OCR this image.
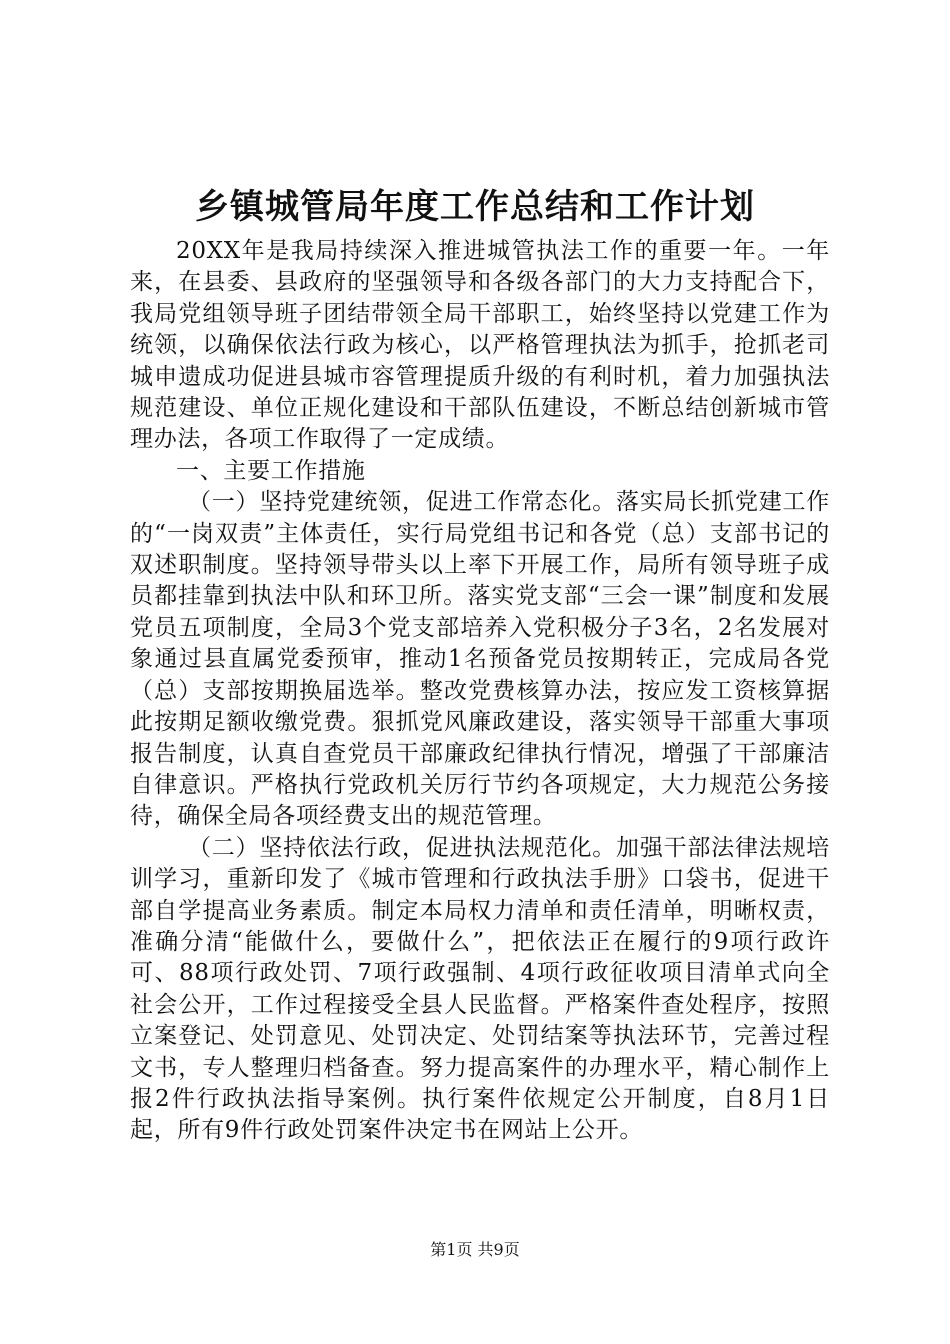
乡镇城管局年度工作总结和工作计划

20XX年是我局持续深入推进城管执法工作的重要一年。一年来，在县委、县政府的坚强领导和各级各部门的大力支持配合下，我局党组领导班子团结带领全局干部职工，始终坚持以党建工作为统领，以确保依法行政为核心，以严格管理执法为抓手，抢抓老司城申遗成功促进县城市容管理提质升级的有利时机，着力加强执法规范建设、单位正规化建设和干部队伍建设，不断总结创新城市管理办法，各项工作取得了一定成绩。

一、主要工作措施

（一）坚持党建统领，促进工作常态化。落实局长抓党建工作的“一岗双责”主体责任，实行局党组书记和各党（总）支部书记的双述职制度。坚持领导带头以上率下开展工作，局所有领导班子成员都挂靠到执法中队和环卫所。落实党支部“三会一课”制度和发展党员五项制度，全局3个党支部培养入党积极分子3名，2名发展对象通过县直属党委预审，推动1名预备党员按期转正，完成局各党（总）支部按期换届选举。整改党费核算办法，按应发工资核算据此按期足额收缴党费。狠抓党风廉政建设，落实领导干部重大事项报告制度，认真自查党员干部廉政纪律执行情况，增强了干部廉洁自律意识。严格执行党政机关厉行节约各项规定，大力规范公务接待，确保全局各项经费支出的规范管理。

（二）坚持依法行政，促进执法规范化。加强干部法律法规培训学习，重新印发了《城市管理和行政执法手册》口袋书，促进干部自学提高业务素质。制定本局权力清单和责任清单，明晰权责，准确分清“能做什么，要做什么”，把依法正在履行的9项行政许可、88项行政处罚、7项行政强制、4项行政征收项目清单式向全社会公开，工作过程接受全县人民监督。严格案件查处程序，按照立案登记、处罚意见、处罚决定、处罚结案等执法环节，完善过程文书，专人整理归档备查。努力提高案件的办理水平，精心制作上报2件行政执法指导案例。执行案件依规定公开制度，自8月1日起，所有9件行政处罚案件决定书在网站上公开。

第1页 共9页
